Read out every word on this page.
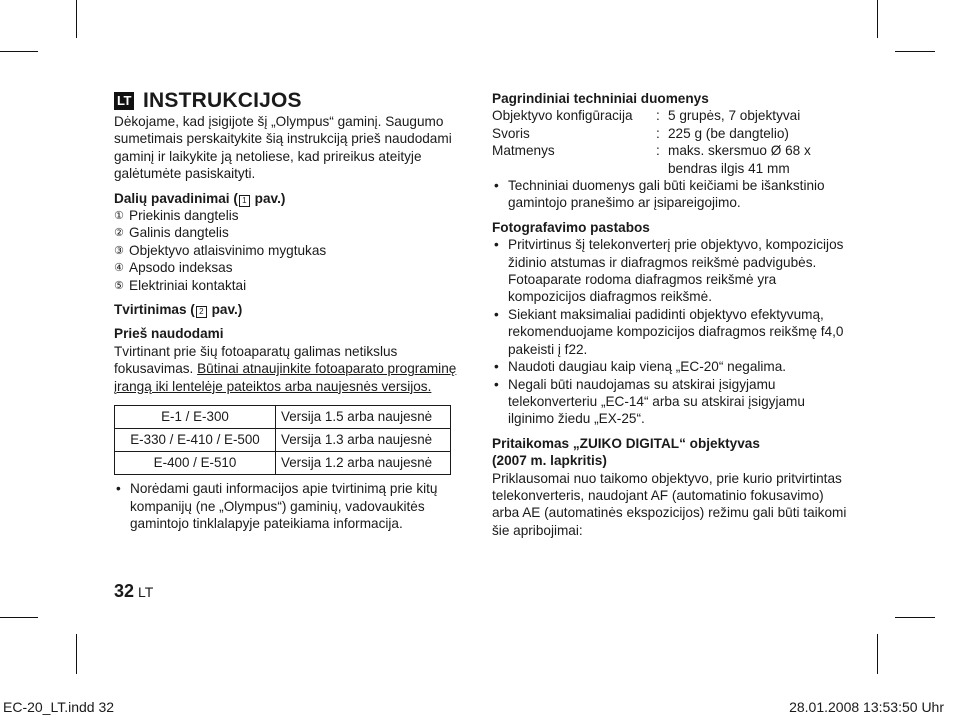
LT INSTRUKCIJOS

Dėkojame, kad įsigijote šį „Olympus“ gaminį. Saugumo sumetimais perskaitykite šią instrukciją prieš naudodami gaminį ir laikykite ją netoliese, kad prireikus ateityje galėtumėte pasiskaityti.

Dalių pavadinimai ( 1 pav.)
① Priekinis dangtelis
② Galinis dangtelis
③ Objektyvo atlaisvinimo mygtukas
④ Apsodo indeksas
⑤ Elektriniai kontaktai
Tvirtinimas ( 2 pav.)
Prieš naudodami

Tvirtinant prie šių fotoaparatų galimas netikslus fokusavimas. Būtinai atnaujinkite fotoaparato programinę įrangą iki lentelėje pateiktos arba naujesnės versijos.

E-1 / E-300	Versija 1.5 arba naujesnė
E-330 / E-410 / E-500	Versija 1.3 arba naujesnė
E-400 / E-510	Versija 1.2 arba naujesnė
• Norėdami gauti informacijos apie tvirtinimą prie kitų kompanijų (ne „Olympus“) gaminių, vadovaukitės gamintojo tinklalapyje pateikiama informacija.
32 LT
Pagrindiniai techniniai duomenys
Objektyvo konfigūracija	: 5 grupės, 7 objektyvai
Svoris	: 225 g (be dangtelio)
Matmenys	: maks. skersmuo Ø 68 x bendras ilgis 41 mm
• Techniniai duomenys gali būti keičiami be išankstinio gamintojo pranešimo ar įsipareigojimo.
Fotografavimo pastabos
• Pritvirtinus šį telekonverterį prie objektyvo, kompozicijos židinio atstumas ir diafragmos reikšmė padvigubės. Fotoaparate rodoma diafragmos reikšmė yra kompozicijos diafragmos reikšmė.
• Siekiant maksimaliai padidinti objektyvo efektyvumą, rekomenduojame kompozicijos diafragmos reikšmę f4,0 pakeisti į f22.
• Naudoti daugiau kaip vieną „EC-20“ negalima.
• Negali būti naudojamas su atskirai įsigyjamu telekonverteriu „EC-14“ arba su atskirai įsigyjamu ilginimo žiedu „EX-25“.
Pritaikomas „ZUIKO DIGITAL“ objektyvas
(2007 m. lapkritis)

Priklausomai nuo taikomo objektyvo, prie kurio pritvirtintas telekonverteris, naudojant AF (automatinio fokusavimo) arba AE (automatinės ekspozicijos) režimu gali būti taikomi šie apribojimai:

EC-20_LT.indd 32	28.01.2008 13:53:50 Uhr
